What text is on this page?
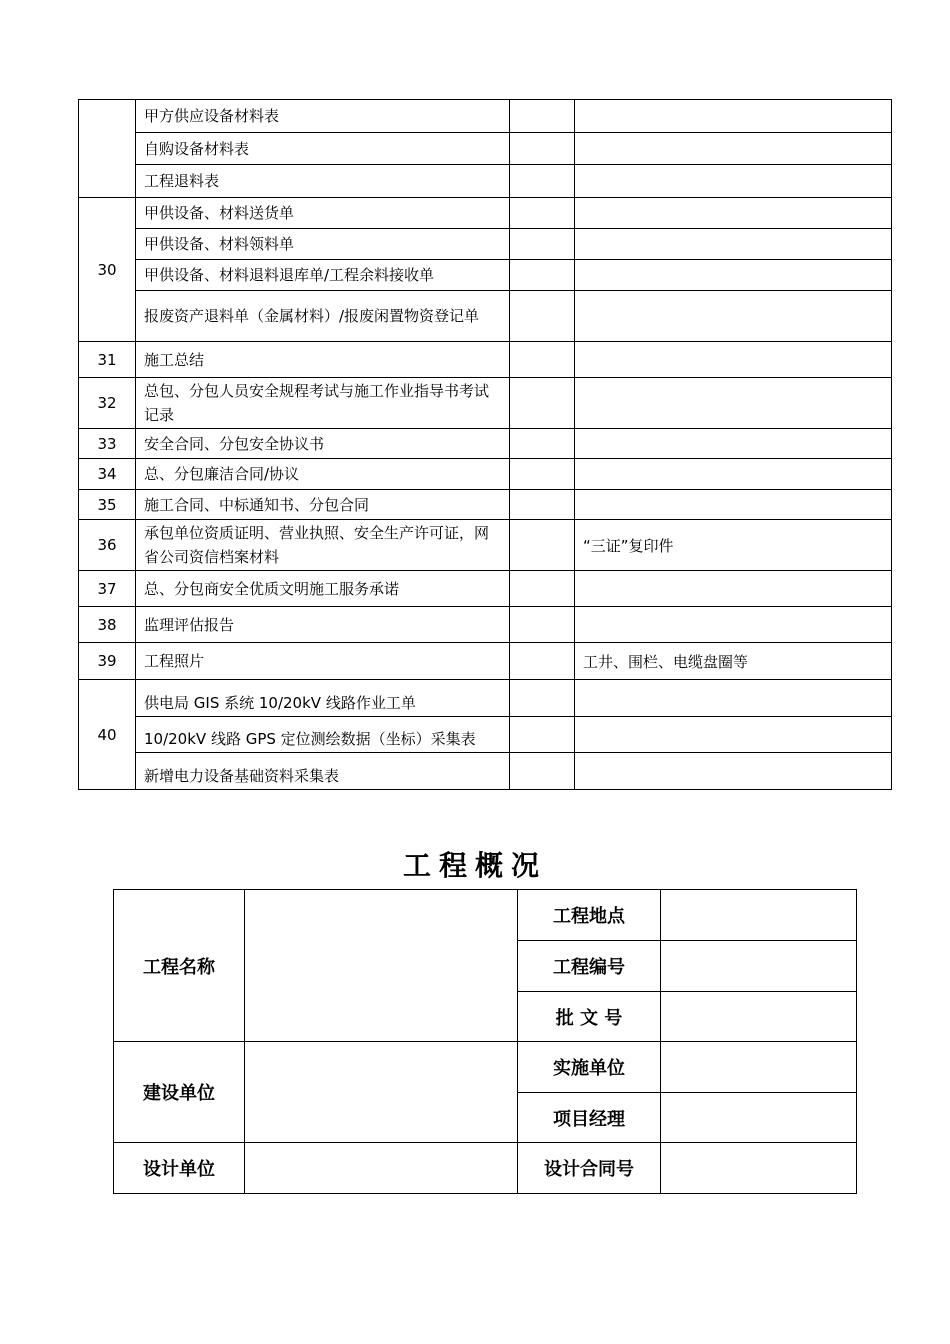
	甲方供应设备材料表		
	自购设备材料表		
	工程退料表		
30	甲供设备、材料送货单		
	甲供设备、材料领料单		
	甲供设备、材料退料退库单/工程余料接收单		
	报废资产退料单（金属材料）/报废闲置物资登记单		
31	施工总结		
32	总包、分包人员安全规程考试与施工作业指导书考试记录		
33	安全合同、分包安全协议书		
34	总、分包廉洁合同/协议		
35	施工合同、中标通知书、分包合同		
36	承包单位资质证明、营业执照、安全生产许可证，网省公司资信档案材料		“三证”复印件
37	总、分包商安全优质文明施工服务承诺		
38	监理评估报告		
39	工程照片		工井、围栏、电缆盘圈等
40	供电局 GIS 系统 10/20kV 线路作业工单		
	10/20kV 线路 GPS 定位测绘数据（坐标）采集表		
	新增电力设备基础资料采集表		
工程概况
工程名称		工程地点	
		工程编号	
		批 文 号	
建设单位		实施单位	
		项目经理	
设计单位		设计合同号	
